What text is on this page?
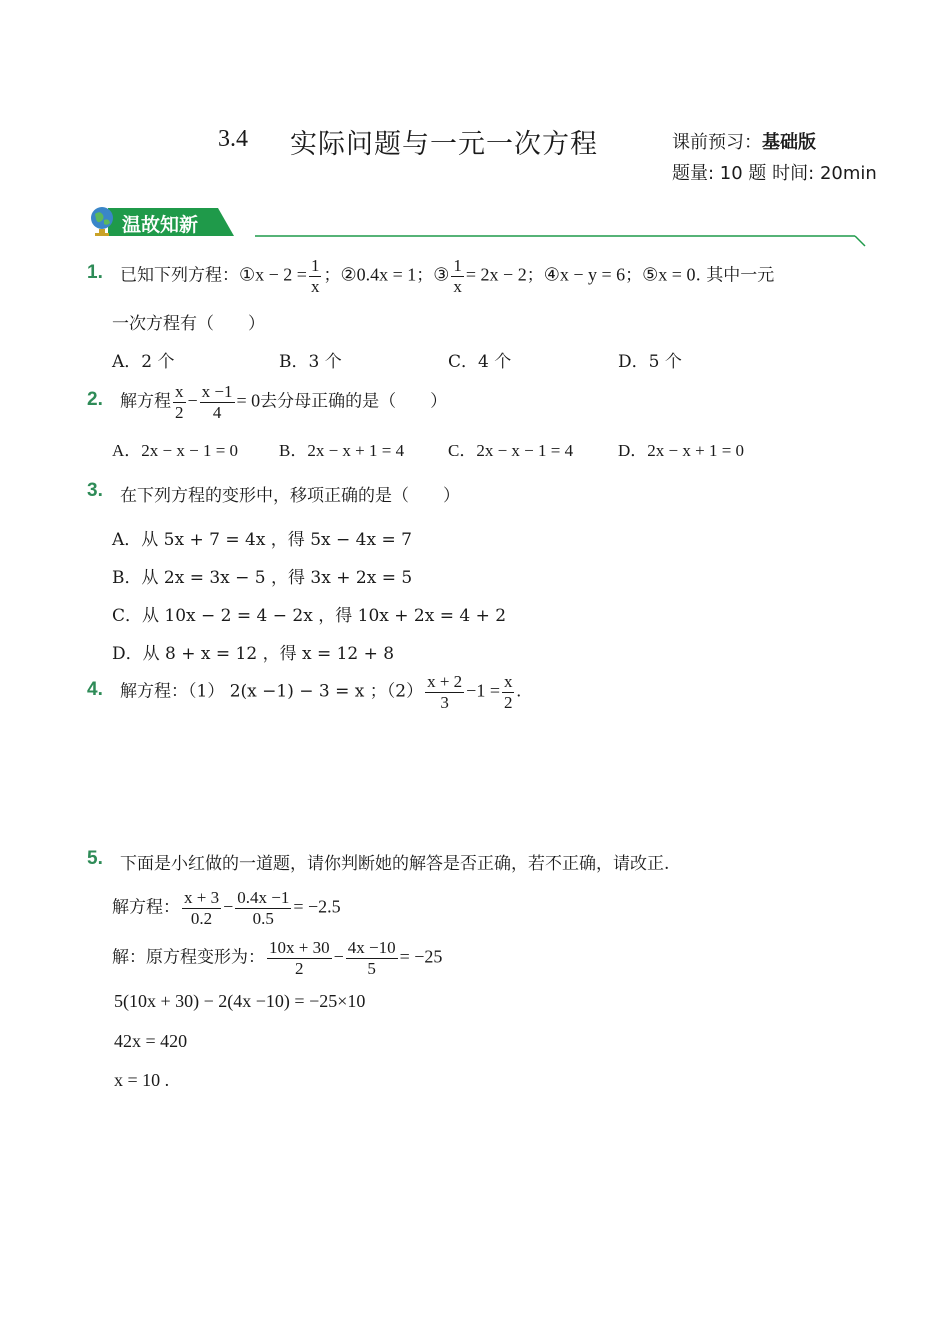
3.4 实际问题与一元一次方程	课前预习：基础版
题量: 10 题 时间: 20min
温故知新
1. 已知下列方程：①x − $2 = \frac{1}{x}$ ；②0.4x = 1；③ $\frac{1}{x} = 2x - 2$；④x − y = 6；⑤x = 0. 其中一元
一次方程有（　　）
A．2 个	B．3 个	C．4 个	D．5 个
2. 解方程 $\frac{x}{2} - \frac{x -1}{4} = 0$去分母正确的是（　　）
A．2x − x − 1 = 0 B．2x − x + 1 = 4	C．2x − x − 1 = 4	D．2x − x + 1 = 0
3. 在下列方程的变形中，移项正确的是（　　）
A．从 5x + 7 = 4x ，得 5x − 4x = 7
B．从 2x = 3x − 5 ，得 3x + 2x = 5
C．从 10x − 2 = 4 − 2x ，得 10x + 2x = 4 + 2
D．从 8 + x = 12 ，得 x = 12 + 8
4. 解方程：（1） 2(x −1) − 3 = x ；$(2) \frac{x + 2}{3} -1 = \frac{x}{2}$ .
5. 下面是小红做的一道题，请你判断她的解答是否正确，若不正确，请改正.
解方程： $\frac{x + 3}{0.2} - \frac{0.4x -1}{0.5} = -2.5$
解：原方程变形为： $\frac{10x + 30}{2} - \frac{4x -10}{5} = -25$
5(10x + 30) − 2(4x −10) = −25×10
42x = 420
x = 10 .
